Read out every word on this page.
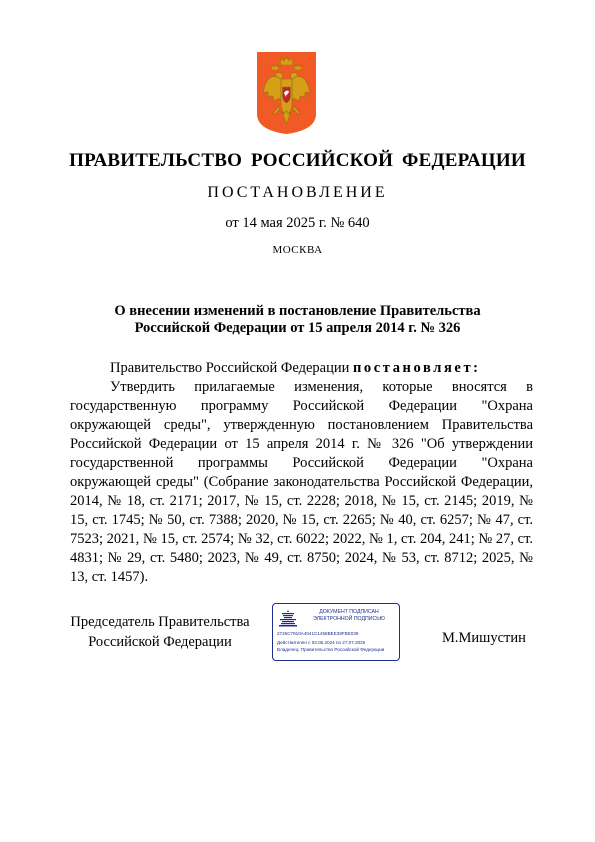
ПРАВИТЕЛЬСТВО РОССИЙСКОЙ ФЕДЕРАЦИИ
ПОСТАНОВЛЕНИЕ
от 14 мая 2025 г. № 640
МОСКВА
О внесении изменений в постановление Правительства
Российской Федерации от 15 апреля 2014 г. № 326

Правительство Российской Федерации постановляет:

Утвердить прилагаемые изменения, которые вносятся в государственную программу Российской Федерации "Охрана окружающей среды", утвержденную постановлением Правительства Российской Федерации от 15 апреля 2014 г. № 326 "Об утверждении государственной программы Российской Федерации "Охрана окружающей среды" (Собрание законодательства Российской Федерации, 2014, № 18, ст. 2171; 2017, № 15, ст. 2228; 2018, № 15, ст. 2145; 2019, № 15, ст. 1745; № 50, ст. 7388; 2020, № 15, ст. 2265; № 40, ст. 6257; № 47, ст. 7523; 2021, № 15, ст. 2574; № 32, ст. 6022; 2022, № 1, ст. 204, 241; № 27, ст. 4831; № 29, ст. 5480; 2023, № 49, ст. 8750; 2024, № 53, ст. 8712; 2025, № 13, ст. 1457).

Председатель Правительства
Российской Федерации
ДОКУМЕНТ ПОДПИСАН
ЭЛЕКТРОННОЙ ПОДПИСЬЮ
2726C7910A4041C1458BEE38FBE039
Действителен с 03.05.2024 по 27.07.2025
Владелец: Правительство Российской Федерации
М.Мишустин
